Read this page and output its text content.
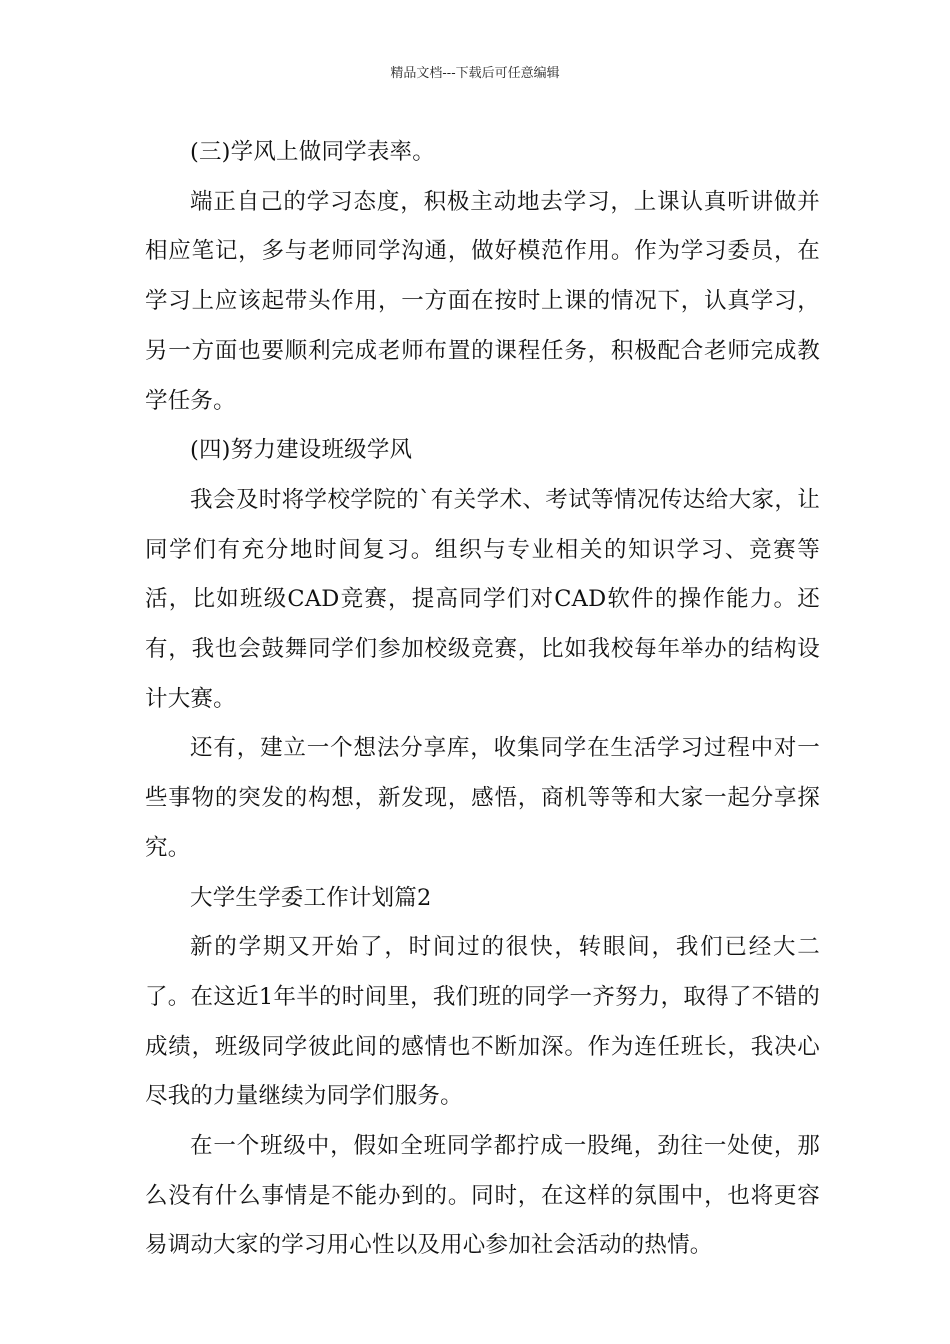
精品文档---下载后可任意编辑

(三)学风上做同学表率。

端正自己的学习态度，积极主动地去学习，上课认真听讲做并相应笔记，多与老师同学沟通，做好模范作用。作为学习委员，在学习上应该起带头作用，一方面在按时上课的情况下，认真学习，另一方面也要顺利完成老师布置的课程任务，积极配合老师完成教学任务。

(四)努力建设班级学风

我会及时将学校学院的`有关学术、考试等情况传达给大家，让同学们有充分地时间复习。组织与专业相关的知识学习、竞赛等活，比如班级CAD竞赛，提高同学们对CAD软件的操作能力。还有，我也会鼓舞同学们参加校级竞赛，比如我校每年举办的结构设计大赛。

还有，建立一个想法分享库，收集同学在生活学习过程中对一些事物的突发的构想，新发现，感悟，商机等等和大家一起分享探究。

大学生学委工作计划篇2

新的学期又开始了，时间过的很快，转眼间，我们已经大二了。在这近1年半的时间里，我们班的同学一齐努力，取得了不错的成绩，班级同学彼此间的感情也不断加深。作为连任班长，我决心尽我的力量继续为同学们服务。

在一个班级中，假如全班同学都拧成一股绳，劲往一处使，那么没有什么事情是不能办到的。同时，在这样的氛围中，也将更容易调动大家的学习用心性以及用心参加社会活动的热情。
